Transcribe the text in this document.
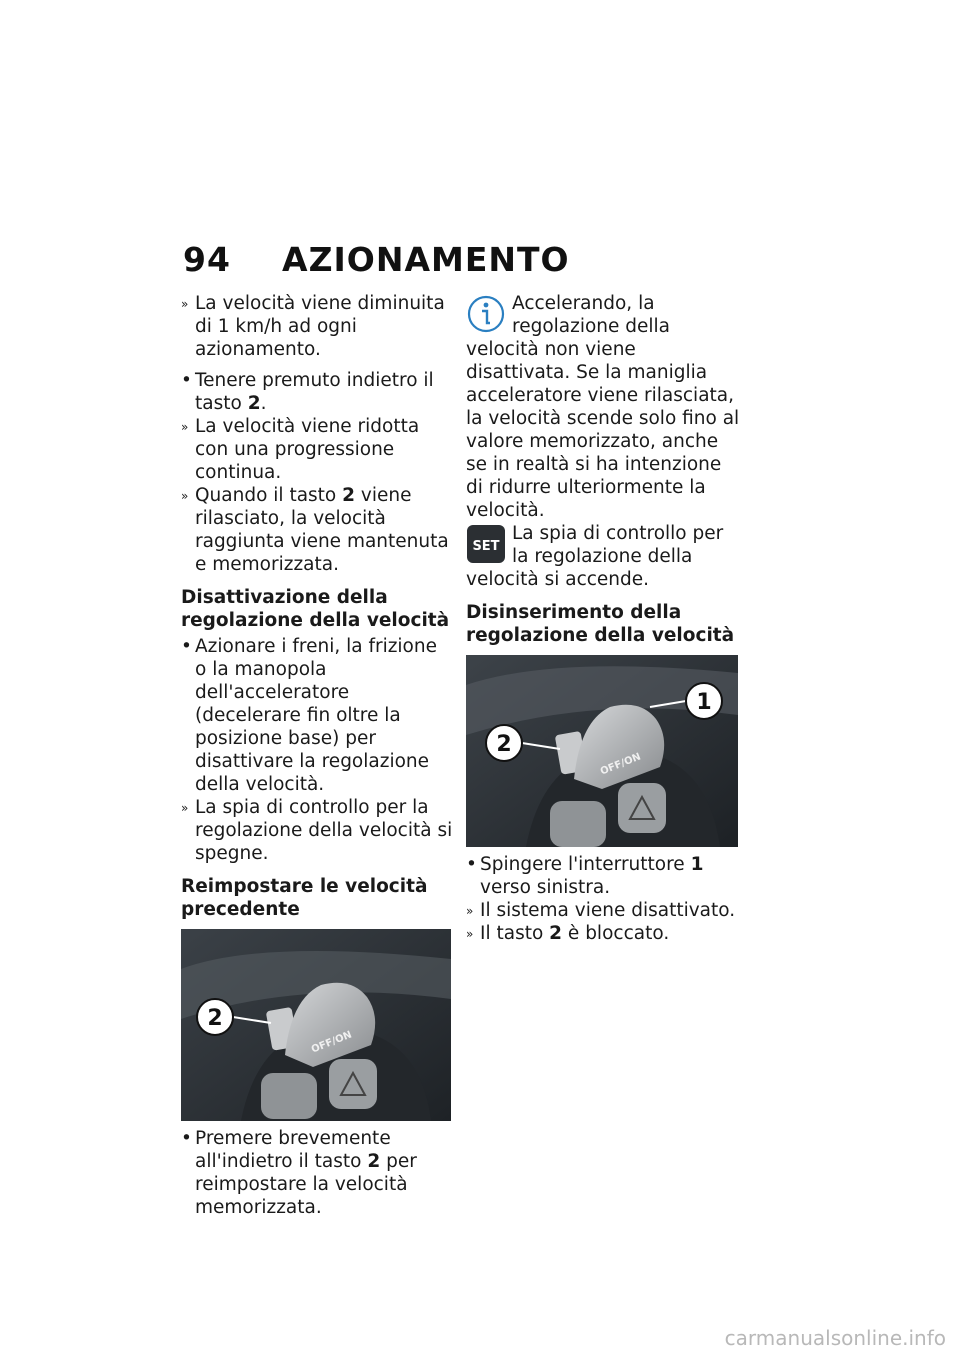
94 AZIONAMENTO

» La velocità viene diminuita di 1 km/h ad ogni azionamento.

• Tenere premuto indietro il tasto 2.

» La velocità viene ridotta con una progressione continua.

» Quando il tasto 2 viene rilasciato, la velocità raggiunta viene mantenuta e memorizzata.

Disattivazione della regolazione della velocità

• Azionare i freni, la frizione o la manopola dell'acceleratore (decelerare fin oltre la posizione base) per disattivare la regolazione della velocità.

» La spia di controllo per la regolazione della velocità si spegne.

Reimpostare le velocità precedente

OFF/ON
2

• Premere brevemente all'indietro il tasto 2 per reimpostare la velocità memorizzata.

Accelerando, la regolazione della velocità non viene disattivata. Se la maniglia acceleratore viene rilasciata, la velocità scende solo fino al valore memorizzato, anche se in realtà si ha intenzione di ridurre ulteriormente la velocità.

SET

La spia di controllo per la regolazione della velocità si accende.

Disinserimento della regolazione della velocità

OFF/ON
2
1

• Spingere l'interruttore 1 verso sinistra.

» Il sistema viene disattivato.

» Il tasto 2 è bloccato.

carmanualsonline.info
